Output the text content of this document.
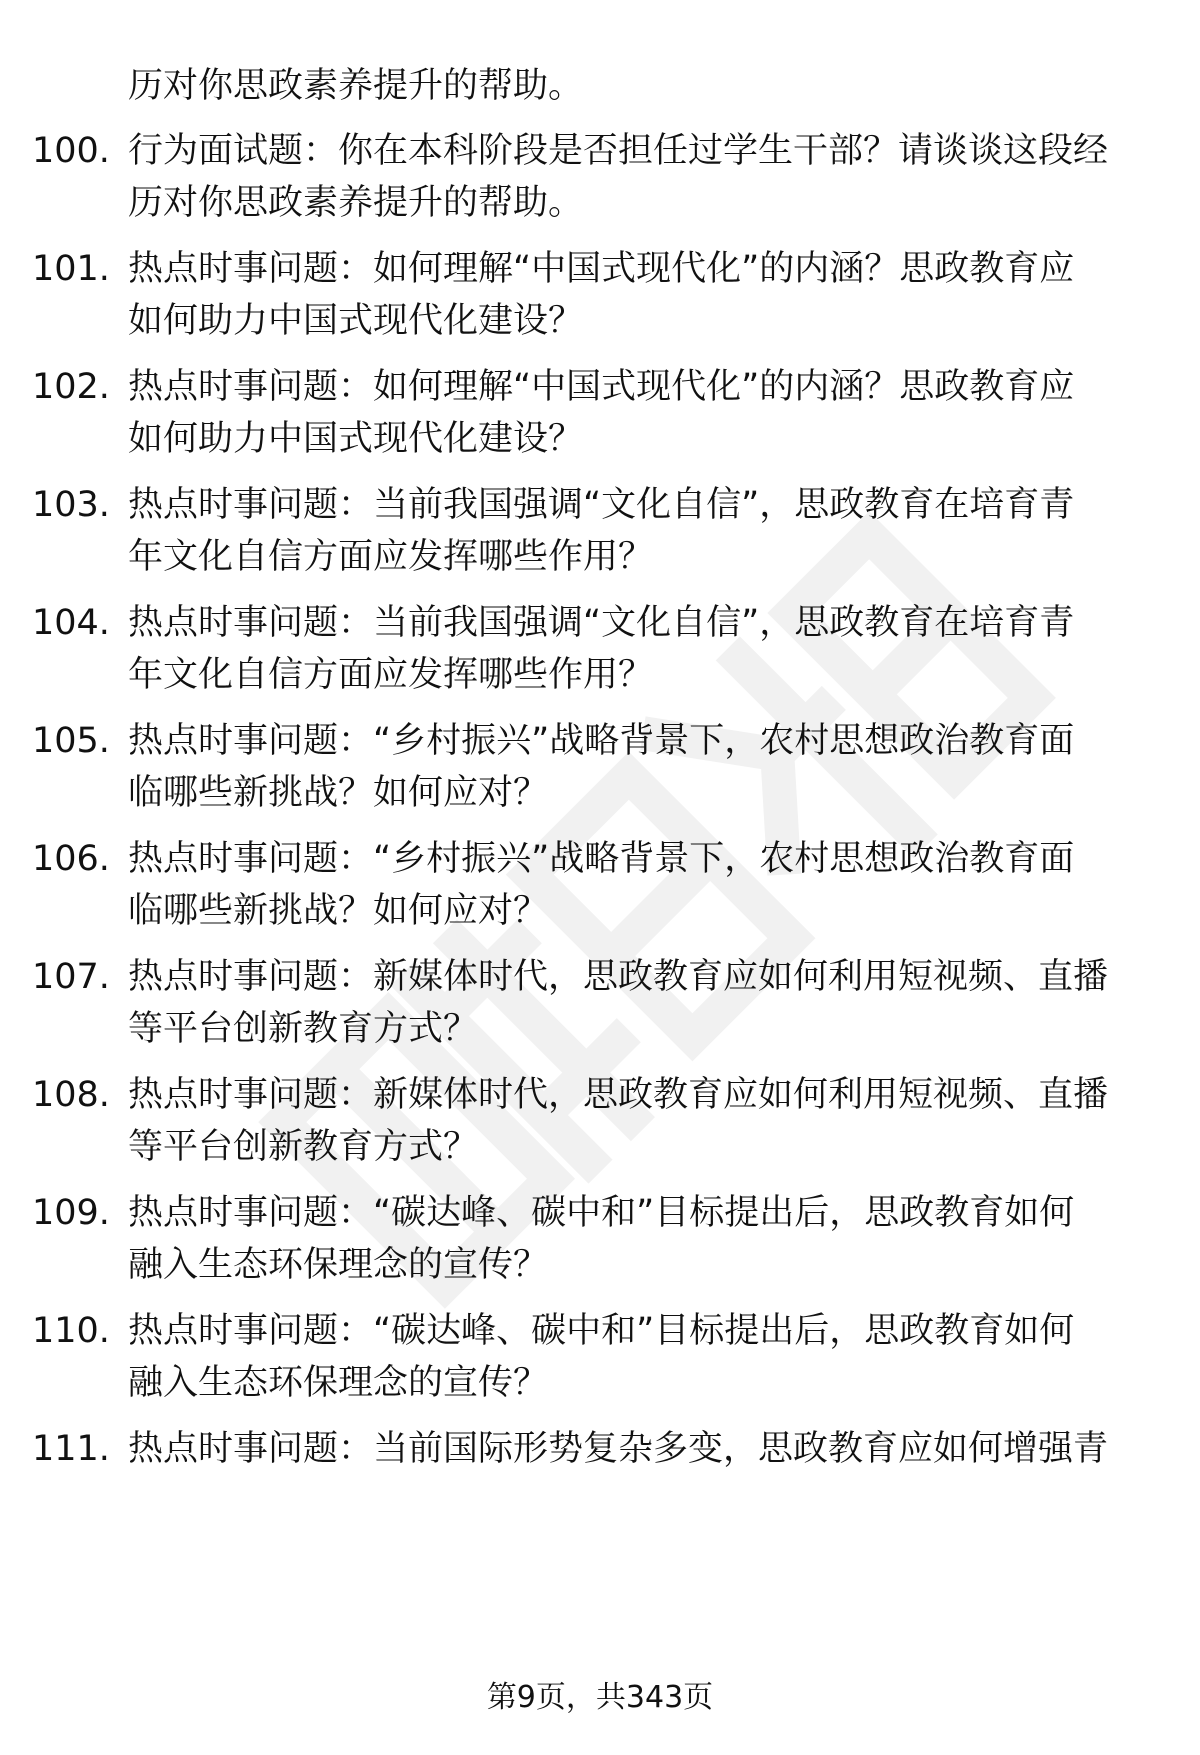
历对你思政素养提升的帮助。
100. 行为面试题：你在本科阶段是否担任过学生干部？请谈谈这段经
历对你思政素养提升的帮助。
101. 热点时事问题：如何理解“中国式现代化”的内涵？思政教育应
如何助力中国式现代化建设？
102. 热点时事问题：如何理解“中国式现代化”的内涵？思政教育应
如何助力中国式现代化建设？
103. 热点时事问题：当前我国强调“文化自信”，思政教育在培育青
年文化自信方面应发挥哪些作用？
104. 热点时事问题：当前我国强调“文化自信”，思政教育在培育青
年文化自信方面应发挥哪些作用？
105. 热点时事问题：“乡村振兴”战略背景下，农村思想政治教育面
临哪些新挑战？如何应对？
106. 热点时事问题：“乡村振兴”战略背景下，农村思想政治教育面
临哪些新挑战？如何应对？
107. 热点时事问题：新媒体时代，思政教育应如何利用短视频、直播
等平台创新教育方式？
108. 热点时事问题：新媒体时代，思政教育应如何利用短视频、直播
等平台创新教育方式？
109. 热点时事问题：“碳达峰、碳中和”目标提出后，思政教育如何
融入生态环保理念的宣传？
110. 热点时事问题：“碳达峰、碳中和”目标提出后，思政教育如何
融入生态环保理念的宣传？
111. 热点时事问题：当前国际形势复杂多变，思政教育应如何增强青
第9页，共343页
